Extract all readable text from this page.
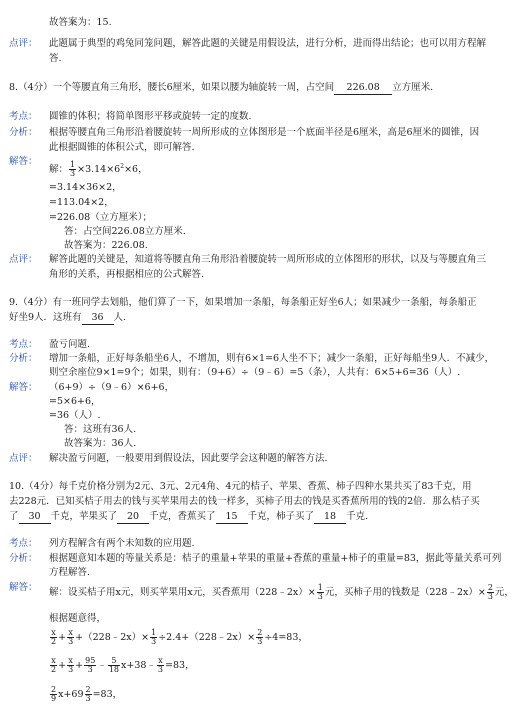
故答案为：15.
点评： 此题属于典型的鸡兔同笼问题，解答此题的关键是用假设法，进行分析，进而得出结论；也可以用方程解
答.
8.（4分）一个等腰直角三角形，腰长6厘米，如果以腰为轴旋转一周，占空间 226.08 立方厘米.
考点： 圆锥的体积；将简单图形平移或旋转一定的度数.
分析： 根据等腰直角三角形沿着腰旋转一周所形成的立体图形是一个底面半径是6厘米，高是6厘米的圆锥，因
此根据圆锥的体积公式，即可解答.
解答：
解： $\frac{1}{3} \times 3.14\times 6^2\times 6$，
=3.14×36×2，
=113.04×2，
=226.08（立方厘米）；
答：占空间226.08立方厘米.
故答案为：226.08.
点评： 解答此题的关键是，知道将等腰直角三角形沿着腰旋转一周所形成的立体图形的形状，以及与等腰直角三
角形的关系，再根据相应的公式解答.
9.（4分）有一班同学去划船，他们算了一下，如果增加一条船，每条船正好坐6人；如果减少一条船，每条船正
好坐9人．这班有 36 人.
考点： 盈亏问题.
分析： 增加一条船，正好每条船坐6人，不增加，则有6×1=6人坐不下；减少一条船，正好每船坐9人．不减少，
则空余座位9×1=9个；如果，则有：（9+6）÷（9﹣6）=5（条），人共有：6×5+6=36（人）.
解答： （6+9）÷（9﹣6）×6+6，
=5×6+6，
=36（人）.
答：这班有36人.
故答案为：36人.
点评： 解决盈亏问题，一般要用到假设法，因此要学会这种题的解答方法.
10.（4分）每千克价格分别为2元、3元、2元4角、4元的桔子、苹果、香蕉、柿子四种水果共买了83千克，用
去228元．已知买桔子用去的钱与买苹果用去的钱一样多，买柿子用去的钱是买香蕉所用的钱的2倍．那么桔子买
了 30 千克，苹果买了 20 千克，香蕉买了 15 千克，柿子买了 18 千克.
考点： 列方程解含有两个未知数的应用题.
分析： 根据题意知本题的等量关系是：桔子的重量+苹果的重量+香蕉的重量+柿子的重量=83，据此等量关系可列
方程解答.
解答： 解：设买桔子用x元，则买苹果用x元，买香蕉用（228﹣2x）× $\frac{1}{3}$ 元，买柿子用的钱数是（228﹣2x）× $\frac{2}{3}$ 元，
根据题意得，
$\frac{x}{2} + \frac{x}{3}$ +（228﹣2x）× $\frac{1}{3}$ ÷2.4+（228﹣2x）× $\frac{2}{3} \div 4=83$，
$\frac{x}{2} + \frac{x}{3} + \frac{95}{3}$ ﹣ $\frac{5}{18}$ x+38﹣ $\frac{x}{3} =83$，
$\frac{2}{9} x+69 \frac{2}{3} =83$，
